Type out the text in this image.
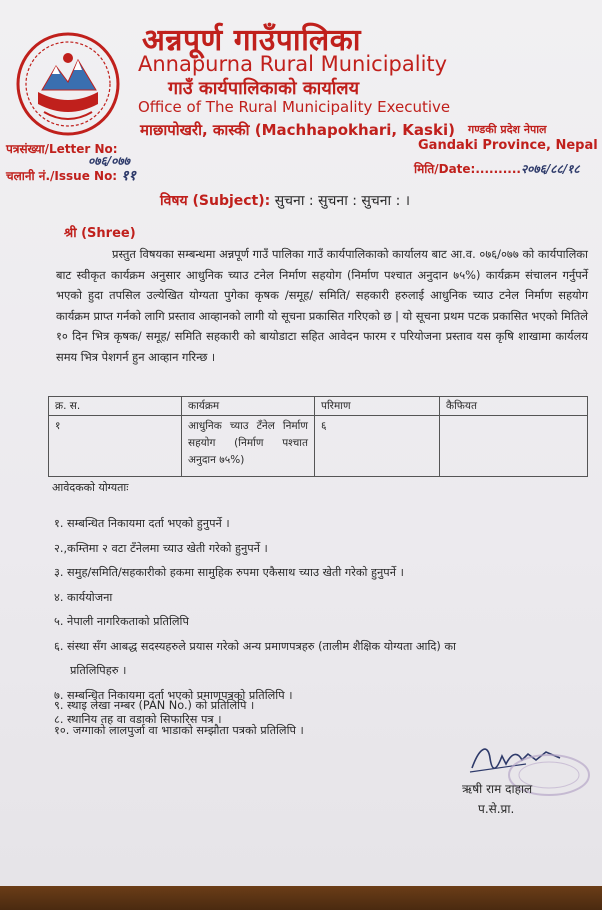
अन्नपूर्ण गाउँपालिका
Annapurna Rural Municipality
गाउँ कार्यपालिकाको कार्यालय
Office of The Rural Municipality Executive
माछापोखरी, कास्की (Machhapokhari, Kaski) गण्डकी प्रदेश नेपाल
Gandaki Province, Nepal
पत्रसंख्या/Letter No:
०७६/०७७
चलानी नं./Issue No: ११	मिति/Date:..........२०७६/८८/१८
विषय (Subject): सुचना : सुचना : सुचना : ।
श्री (Shree)
प्रस्तुत विषयका सम्बन्धमा अन्नपूर्ण गाउँ पालिका गाउँ कार्यपालिकाको कार्यालय बाट आ.व. ०७६/०७७ को कार्यपालिका बाट स्वीकृत कार्यक्रम अनुसार आधुनिक च्याउ टनेल निर्माण सहयोग (निर्माण पश्चात अनुदान ७५%) कार्यक्रम संचालन गर्नुपर्ने भएको हुदा तपसिल उल्येखित योग्यता पुगेका कृषक /समूह/ समिति/ सहकारी हरुलाई आधुनिक च्याउ टनेल निर्माण सहयोग कार्यक्रम प्राप्त गर्नको लागि प्रस्ताव आव्हानको लागी यो सूचना प्रकासित गरिएको छ | यो सूचना प्रथम पटक प्रकासित भएको मितिले १० दिन भित्र कृषक/ समूह/ समिति सहकारी को बायोडाटा सहित आवेदन फारम र परियोजना प्रस्ताव यस कृषि शाखामा कार्यलय समय भित्र पेशगर्न हुन आव्हान गरिन्छ ।
क्र. स.	कार्यक्रम	परिमाण	कैफियत
१	आधुनिक च्याउ टँनेल निर्माण सहयोग (निर्माण पश्चात अनुदान ७५%)	६	
आवेदकको योग्यताः
१. सम्बन्धित निकायमा दर्ता भएको हुनुपर्ने ।
२.,कम्तिमा २ वटा टँनेलमा च्याउ खेती गरेको हुनुपर्ने ।
३. समुह/समिति/सहकारीको हकमा सामुहिक रुपमा एकैसाथ च्याउ खेती गरेको हुनुपर्ने ।
४. कार्ययोजना
५. नेपाली नागरिकताको प्रतिलिपि
६. संस्था सँग आबद्ध सदस्यहरुले प्रयास गरेको अन्य प्रमाणपत्रहरु (तालीम शैक्षिक योग्यता आदि) का
प्रतिलिपिहरु ।
७. सम्बन्धित निकायमा दर्ता भएको प्रमाणपत्रको प्रतिलिपि ।
८. स्थानिय तह वा वडाको सिफारिस पत्र ।
९. स्थाइ लेखा नम्बर (PAN No.) को प्रतिलिपि ।
१०. जग्गाको लालपुर्जा वा भाडाको सम्झौता पत्रको प्रतिलिपि ।
ऋषी राम दाहाल
प.से.प्रा.
